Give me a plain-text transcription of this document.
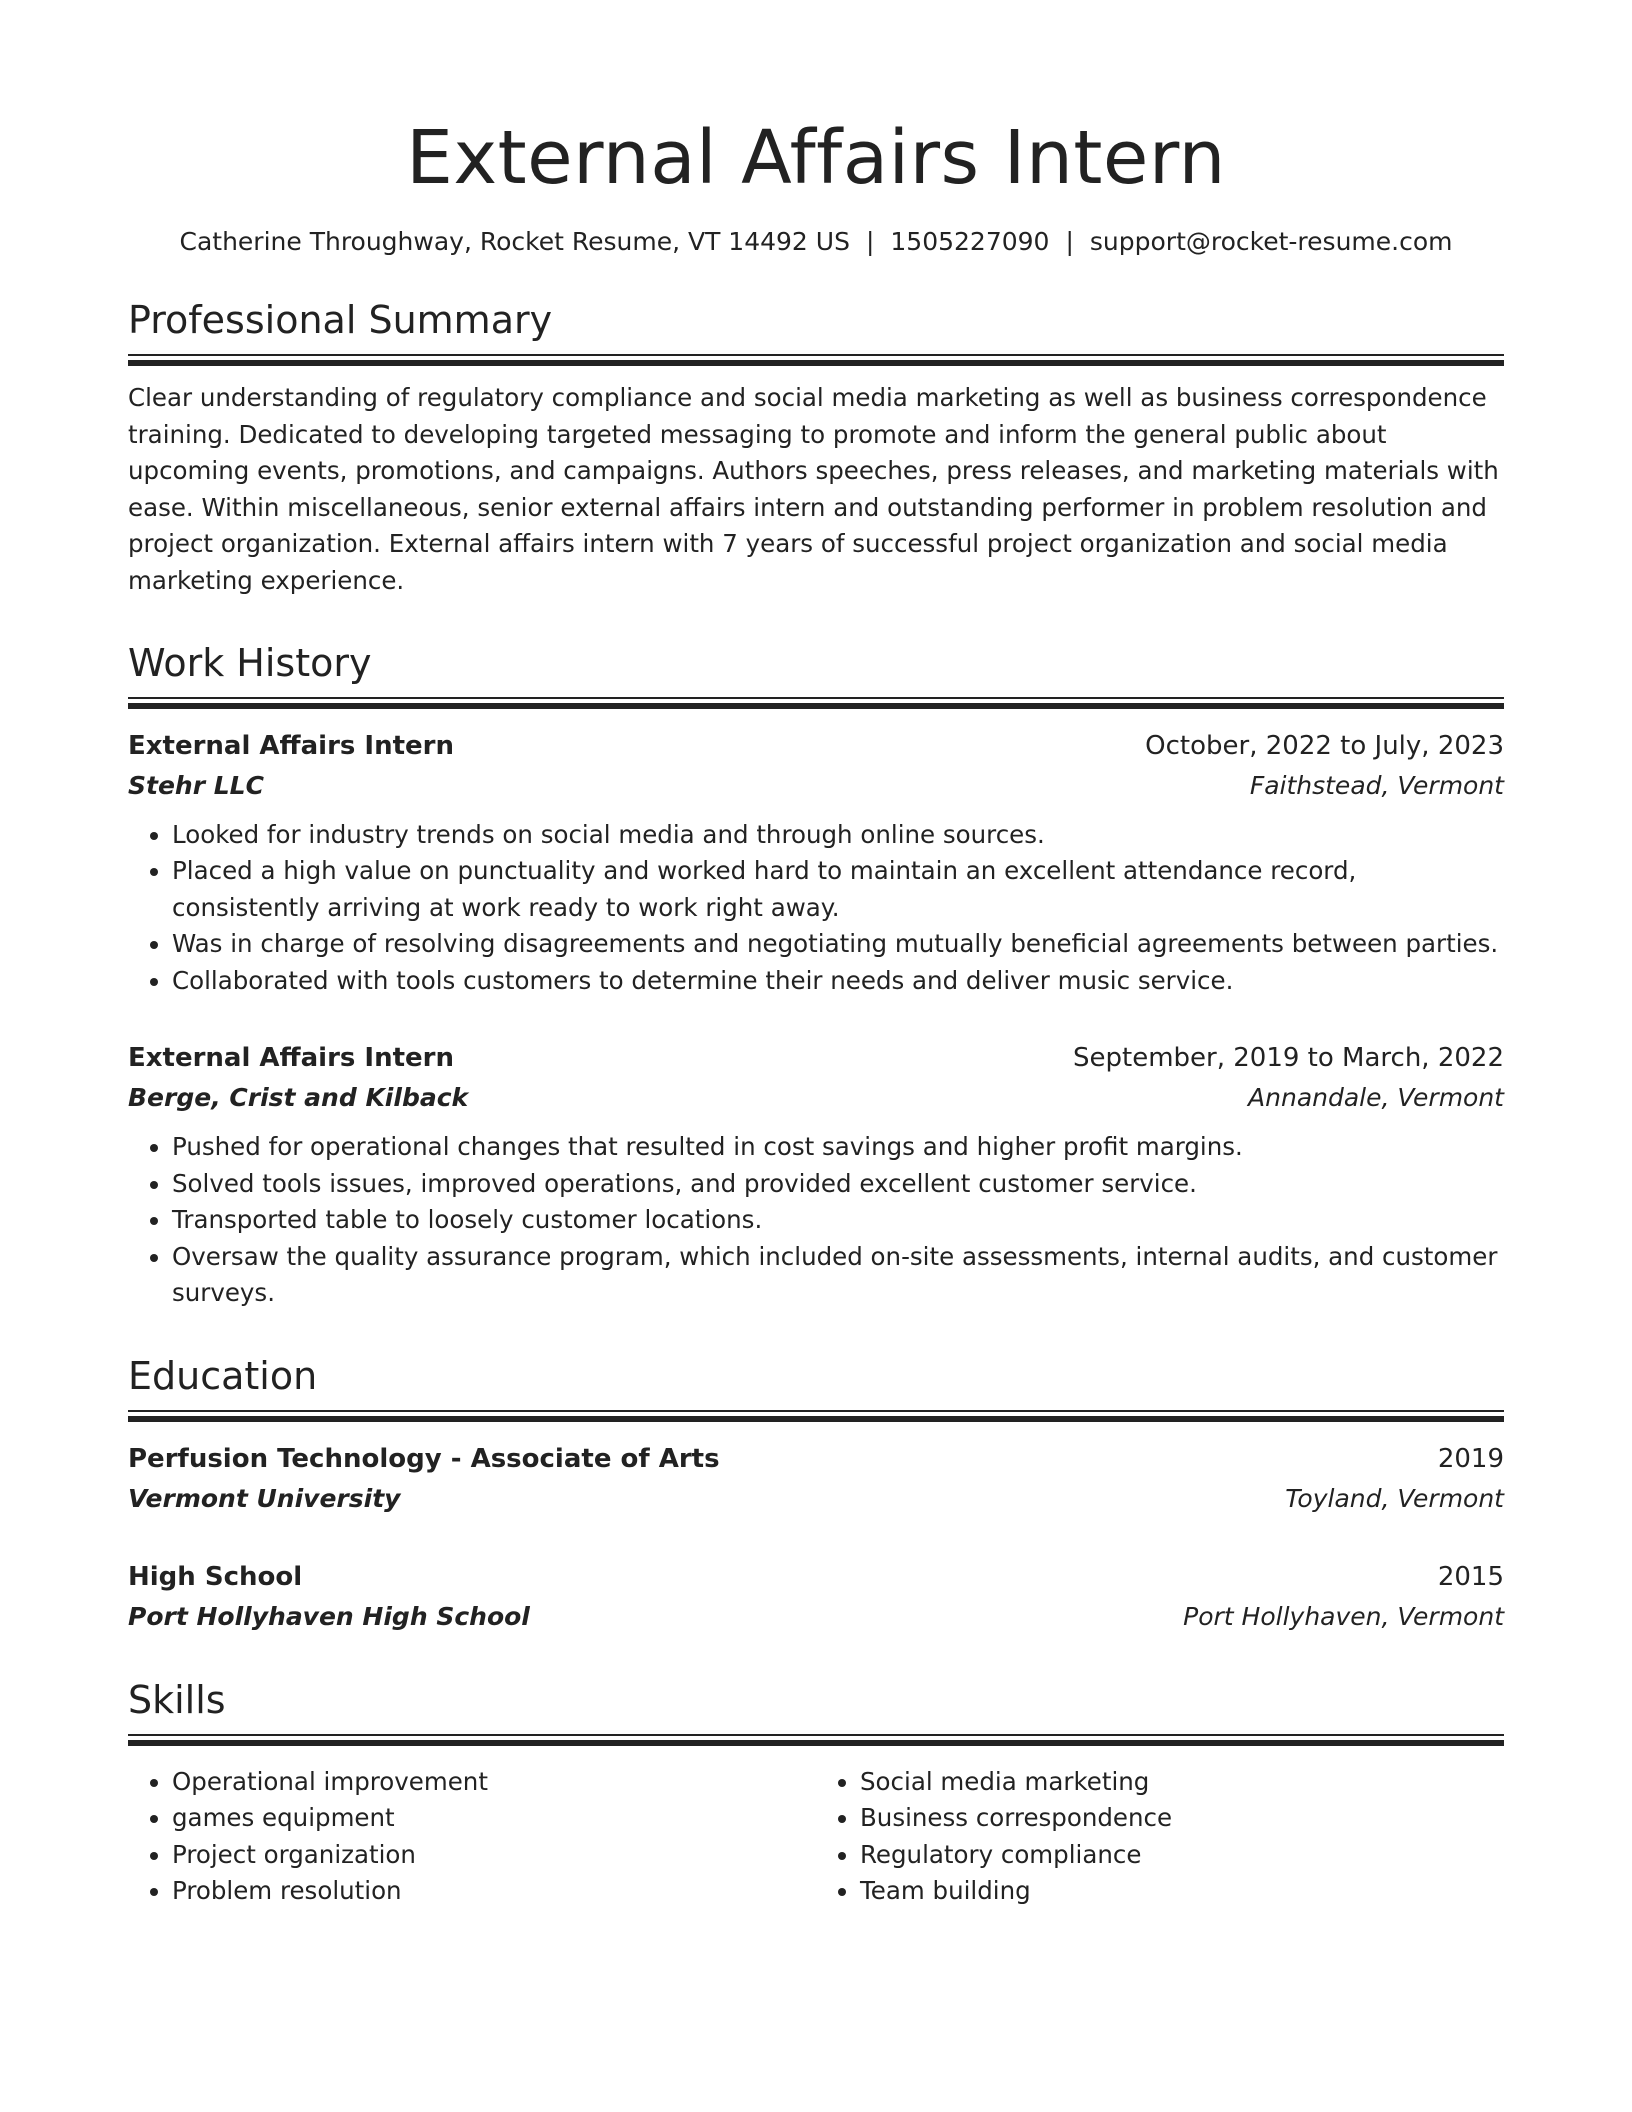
External Affairs Intern
Catherine Throughway, Rocket Resume, VT 14492 US | 1505227090 | support@rocket-resume.com
Professional Summary
Clear understanding of regulatory compliance and social media marketing as well as business correspondence training. Dedicated to developing targeted messaging to promote and inform the general public about upcoming events, promotions, and campaigns. Authors speeches, press releases, and marketing materials with ease. Within miscellaneous, senior external affairs intern and outstanding performer in problem resolution and project organization. External affairs intern with 7 years of successful project organization and social media marketing experience.
Work History
External Affairs Intern	October, 2022 to July, 2023
Stehr LLC	Faithstead, Vermont
• Looked for industry trends on social media and through online sources.
• Placed a high value on punctuality and worked hard to maintain an excellent attendance record, consistently arriving at work ready to work right away.
• Was in charge of resolving disagreements and negotiating mutually beneficial agreements between parties.
• Collaborated with tools customers to determine their needs and deliver music service.
External Affairs Intern	September, 2019 to March, 2022
Berge, Crist and Kilback	Annandale, Vermont
• Pushed for operational changes that resulted in cost savings and higher profit margins.
• Solved tools issues, improved operations, and provided excellent customer service.
• Transported table to loosely customer locations.
• Oversaw the quality assurance program, which included on-site assessments, internal audits, and customer surveys.
Education
Perfusion Technology - Associate of Arts	2019
Vermont University	Toyland, Vermont
High School	2015
Port Hollyhaven High School	Port Hollyhaven, Vermont
Skills
• Operational improvement
• games equipment
• Project organization
• Problem resolution
• Social media marketing
• Business correspondence
• Regulatory compliance
• Team building
